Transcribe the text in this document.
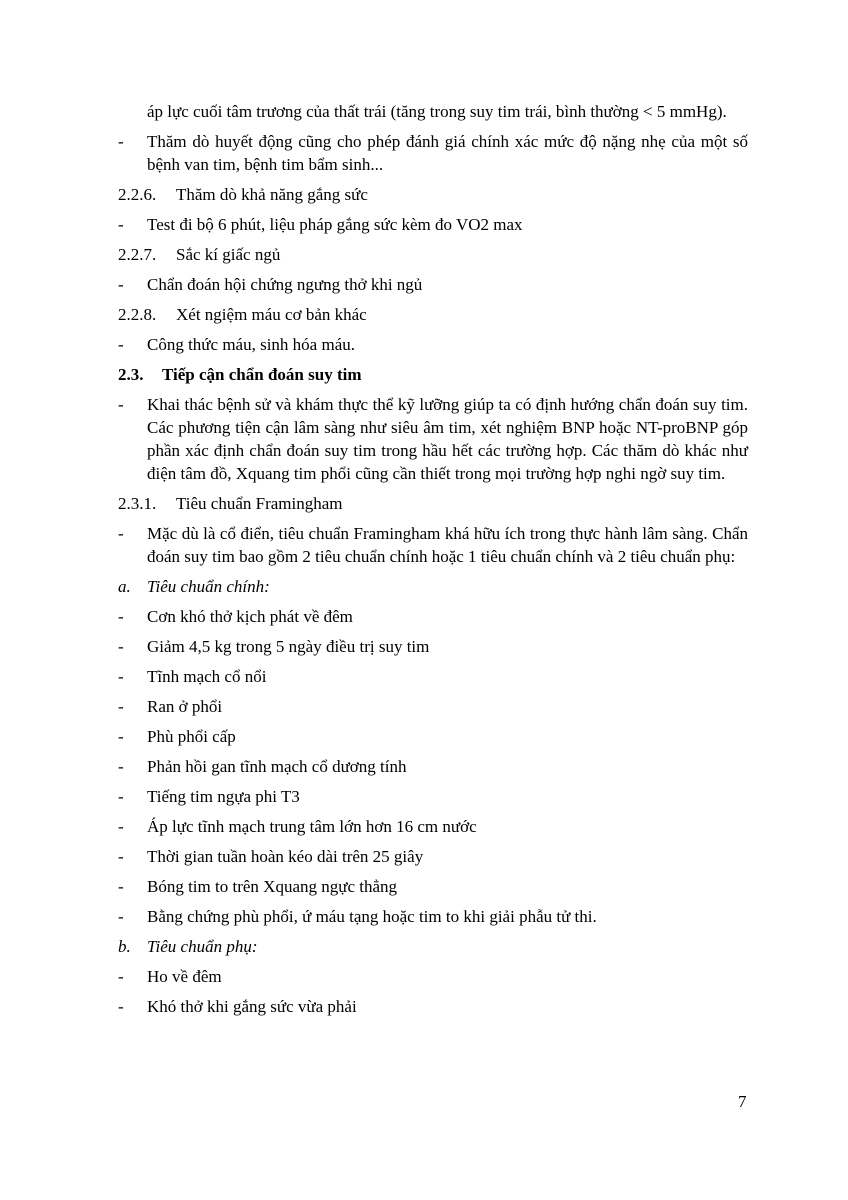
áp lực cuối tâm trương của thất trái (tăng trong suy tim trái, bình thường < 5 mmHg).
-	Thăm dò huyết động cũng cho phép đánh giá chính xác mức độ nặng nhẹ của một số bệnh van tim, bệnh tim bẩm sinh...
2.2.6. Thăm dò khả năng gắng sức
-	Test đi bộ 6 phút, liệu pháp gắng sức kèm đo VO2 max
2.2.7. Sắc kí giấc ngủ
-	Chẩn đoán hội chứng ngưng thở khi ngủ
2.2.8. Xét ngiệm máu cơ bản khác
-	Công thức máu, sinh hóa máu.
2.3. Tiếp cận chẩn đoán suy tim
-	Khai thác bệnh sử và khám thực thể kỹ lưỡng giúp ta có định hướng chẩn đoán suy tim. Các phương tiện cận lâm sàng như siêu âm tim, xét nghiệm BNP hoặc NT-proBNP góp phần xác định chẩn đoán suy tim trong hầu hết các trường hợp. Các thăm dò khác như điện tâm đồ, Xquang tim phổi cũng cần thiết trong mọi trường hợp nghi ngờ suy tim.
2.3.1. Tiêu chuẩn Framingham
-	Mặc dù là cổ điển, tiêu chuẩn Framingham khá hữu ích trong thực hành lâm sàng. Chẩn đoán suy tim bao gồm 2 tiêu chuẩn chính hoặc 1 tiêu chuẩn chính và 2 tiêu chuẩn phụ:
a. Tiêu chuẩn chính:
-	Cơn khó thở kịch phát về đêm
-	Giảm 4,5 kg trong 5 ngày điều trị suy tim
-	Tĩnh mạch cổ nổi
-	Ran ở phổi
-	Phù phổi cấp
-	Phản hồi gan tĩnh mạch cổ dương tính
-	Tiếng tim ngựa phi T3
-	Áp lực tĩnh mạch trung tâm lớn hơn 16 cm nước
-	Thời gian tuần hoàn kéo dài trên 25 giây
-	Bóng tim to trên Xquang ngực thẳng
-	Bằng chứng phù phổi, ứ máu tạng hoặc tim to khi giải phẫu tử thi.
b. Tiêu chuẩn phụ:
-	Ho về đêm
-	Khó thở khi gắng sức vừa phải
7
